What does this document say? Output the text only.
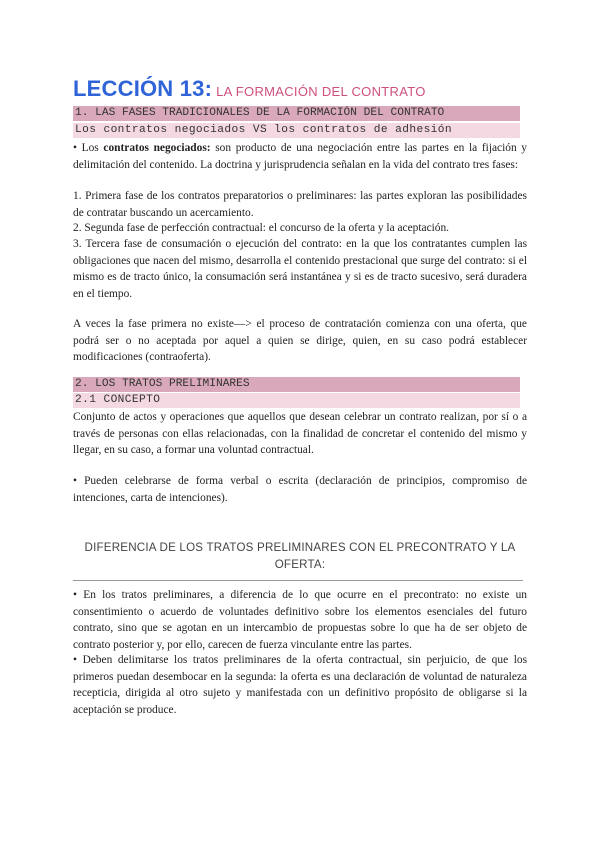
LECCIÓN 13: LA FORMACIÓN DEL CONTRATO
1. LAS FASES TRADICIONALES DE LA FORMACIÓN DEL CONTRATO
Los contratos negociados VS los contratos de adhesión

• Los contratos negociados: son producto de una negociación entre las partes en la fijación y delimitación del contenido. La doctrina y jurisprudencia señalan en la vida del contrato tres fases:

1. Primera fase de los contratos preparatorios o preliminares: las partes exploran las posibilidades de contratar buscando un acercamiento.

2. Segunda fase de perfección contractual: el concurso de la oferta y la aceptación.

3. Tercera fase de consumación o ejecución del contrato: en la que los contratantes cumplen las obligaciones que nacen del mismo, desarrolla el contenido prestacional que surge del contrato: si el mismo es de tracto único, la consumación será instantánea y si es de tracto sucesivo, será duradera en el tiempo.

A veces la fase primera no existe—> el proceso de contratación comienza con una oferta, que podrá ser o no aceptada por aquel a quien se dirige, quien, en su caso podrá establecer modificaciones (contraoferta).

2. LOS TRATOS PRELIMINARES
2.1 CONCEPTO

Conjunto de actos y operaciones que aquellos que desean celebrar un contrato realizan, por sí o a través de personas con ellas relacionadas, con la finalidad de concretar el contenido del mismo y llegar, en su caso, a formar una voluntad contractual.

• Pueden celebrarse de forma verbal o escrita (declaración de principios, compromiso de intenciones, carta de intenciones).

DIFERENCIA DE LOS TRATOS PRELIMINARES CON EL PRECONTRATO Y LA OFERTA:

• En los tratos preliminares, a diferencia de lo que ocurre en el precontrato: no existe un consentimiento o acuerdo de voluntades definitivo sobre los elementos esenciales del futuro contrato, sino que se agotan en un intercambio de propuestas sobre lo que ha de ser objeto de contrato posterior y, por ello, carecen de fuerza vinculante entre las partes.

• Deben delimitarse los tratos preliminares de la oferta contractual, sin perjuicio, de que los primeros puedan desembocar en la segunda: la oferta es una declaración de voluntad de naturaleza recepticia, dirigida al otro sujeto y manifestada con un definitivo propósito de obligarse si la aceptación se produce.
